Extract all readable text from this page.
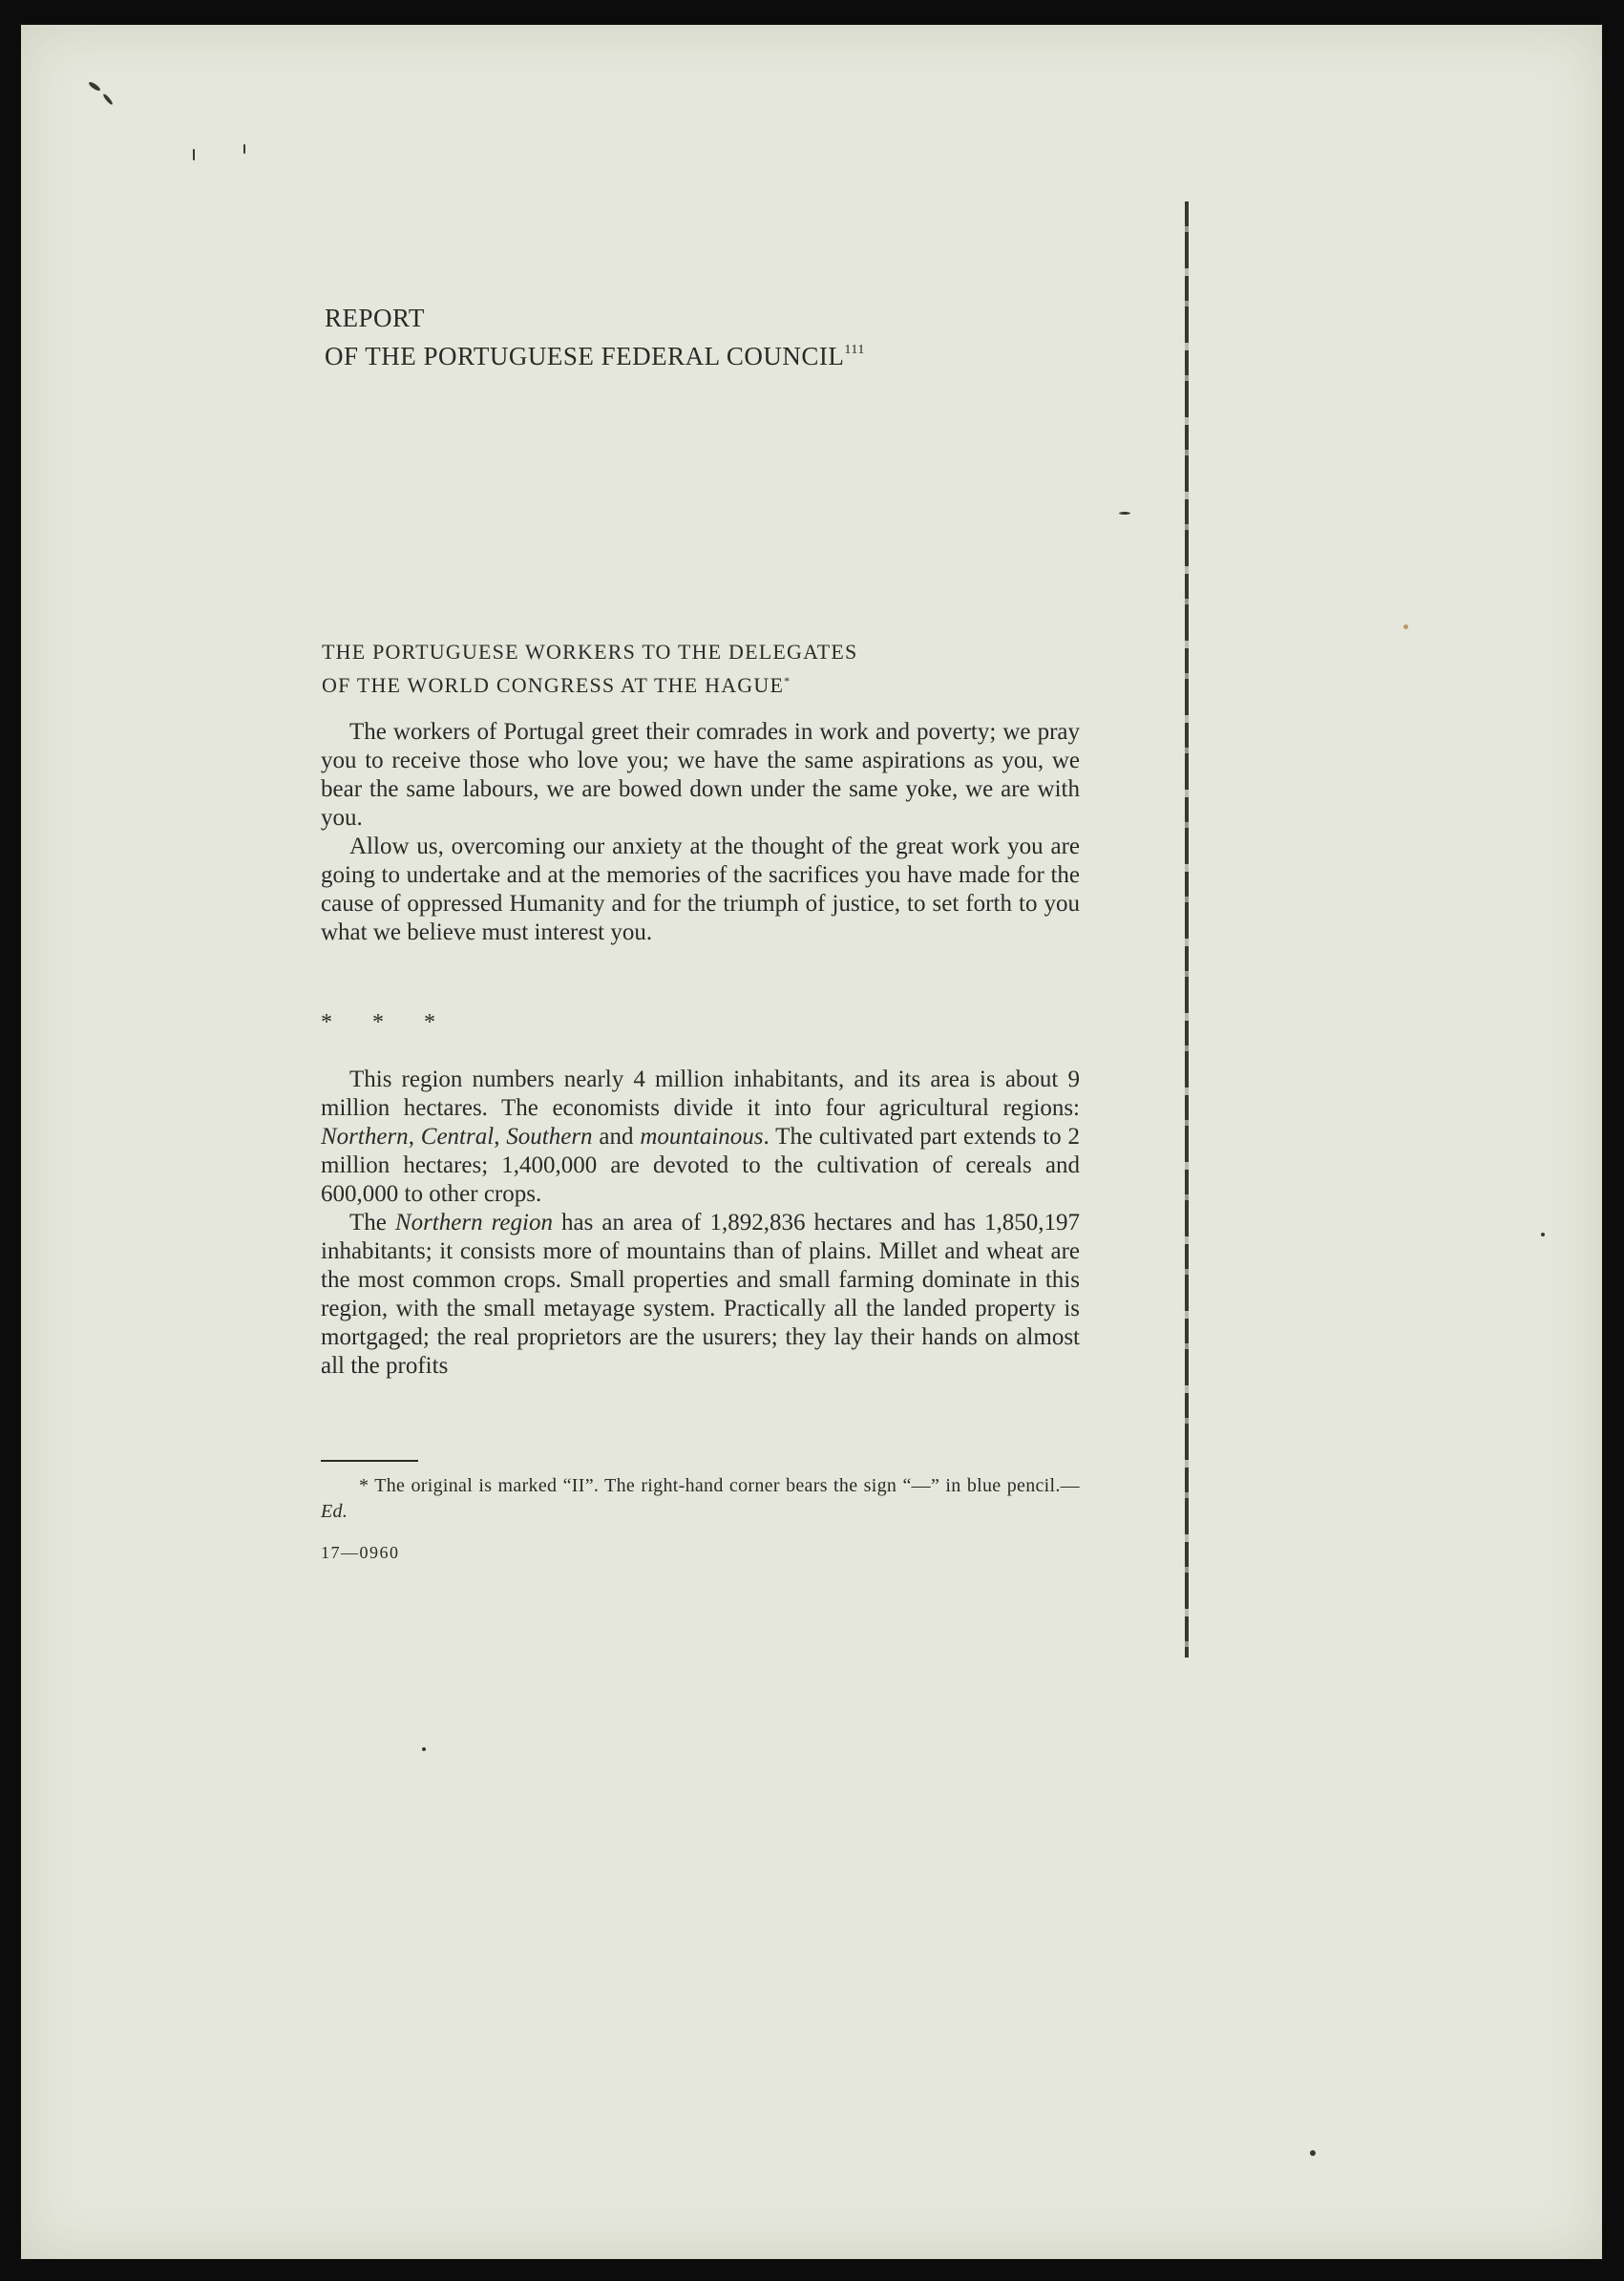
REPORT
OF THE PORTUGUESE FEDERAL COUNCIL$^{111}$
THE PORTUGUESE WORKERS TO THE DELEGATES
OF THE WORLD CONGRESS AT THE HAGUE*

The workers of Portugal greet their comrades in work and poverty; we pray you to receive those who love you; we have the same aspirations as you, we bear the same labours, we are bowed down under the same yoke, we are with you.

Allow us, overcoming our anxiety at the thought of the great work you are going to undertake and at the memories of the sacrifices you have made for the cause of oppressed Humanity and for the triumph of justice, to set forth to you what we believe must interest you.

* * *

This region numbers nearly 4 million inhabitants, and its area is about 9 million hectares. The economists divide it into four agricultural regions: Northern, Central, Southern and mountainous. The cultivated part extends to 2 million hectares; 1,400,000 are devoted to the cultivation of cereals and 600,000 to other crops.

The Northern region has an area of 1,892,836 hectares and has 1,850,197 inhabitants; it consists more of mountains than of plains. Millet and wheat are the most common crops. Small properties and small farming dominate in this region, with the small metayage system. Practically all the landed property is mortgaged; the real proprietors are the usurers; they lay their hands on almost all the profits

* The original is marked “II”. The right-hand corner bears the sign “—” in blue pencil.—Ed.

17—0960
